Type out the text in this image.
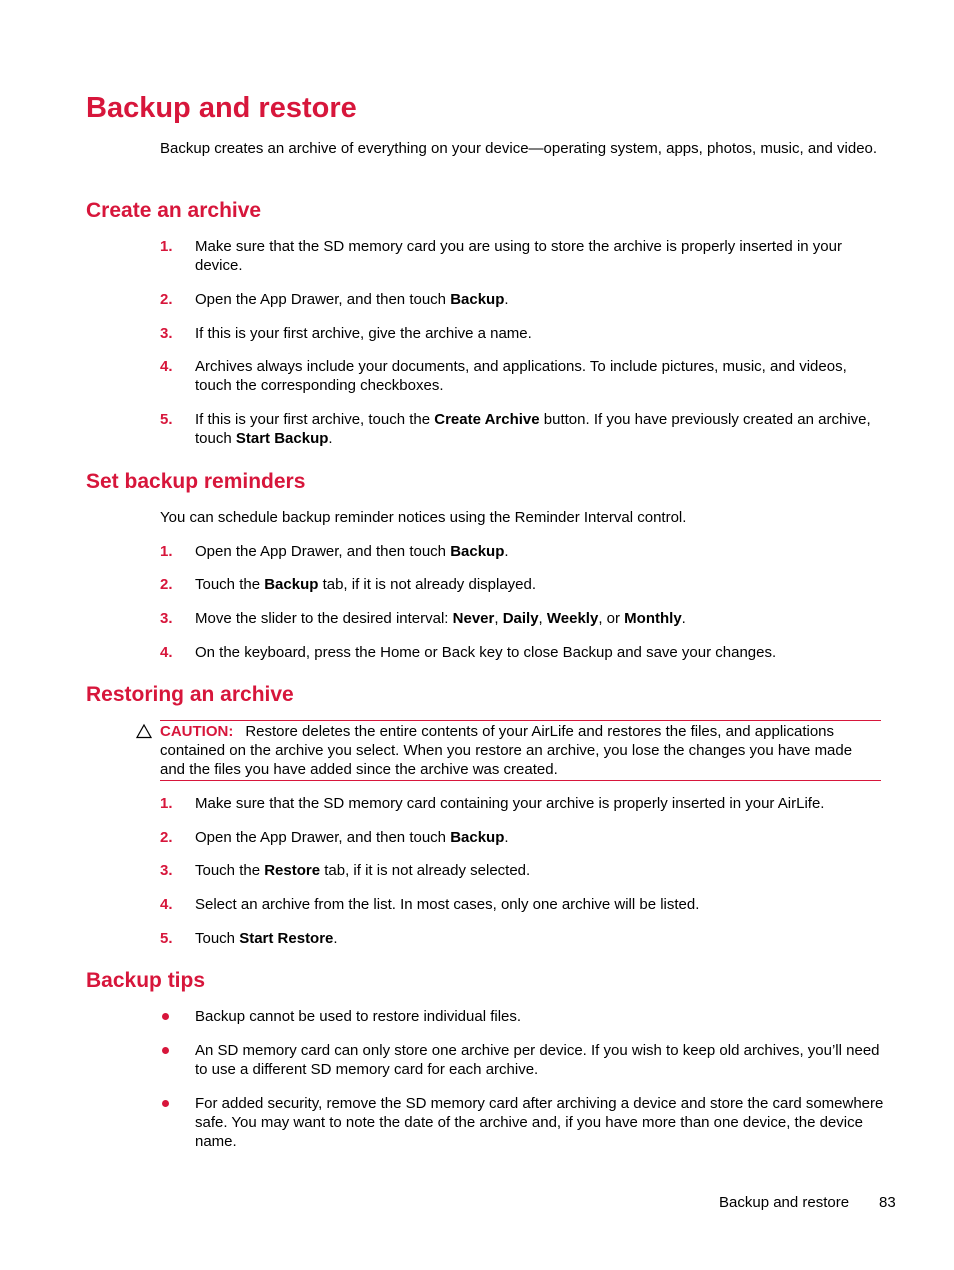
Backup and restore

Backup creates an archive of everything on your device—operating system, apps, photos, music, and video.

Create an archive
1.	Make sure that the SD memory card you are using to store the archive is properly inserted in your device.
2.	Open the App Drawer, and then touch Backup.
3.	If this is your first archive, give the archive a name.
4.	Archives always include your documents, and applications. To include pictures, music, and videos, touch the corresponding checkboxes.
5.	If this is your first archive, touch the Create Archive button. If you have previously created an archive, touch Start Backup.
Set backup reminders

You can schedule backup reminder notices using the Reminder Interval control.

1.	Open the App Drawer, and then touch Backup.
2.	Touch the Backup tab, if it is not already displayed.
3.	Move the slider to the desired interval: Never, Daily, Weekly, or Monthly.
4.	On the keyboard, press the Home or Back key to close Backup and save your changes.
Restoring an archive
CAUTION: Restore deletes the entire contents of your AirLife and restores the files, and applications contained on the archive you select. When you restore an archive, you lose the changes you have made and the files you have added since the archive was created.
1.	Make sure that the SD memory card containing your archive is properly inserted in your AirLife.
2.	Open the App Drawer, and then touch Backup.
3.	Touch the Restore tab, if it is not already selected.
4.	Select an archive from the list. In most cases, only one archive will be listed.
5.	Touch Start Restore.
Backup tips
Backup cannot be used to restore individual files.
An SD memory card can only store one archive per device. If you wish to keep old archives, you’ll need to use a different SD memory card for each archive.
For added security, remove the SD memory card after archiving a device and store the card somewhere safe. You may want to note the date of the archive and, if you have more than one device, the device name.
Backup and restore 83
